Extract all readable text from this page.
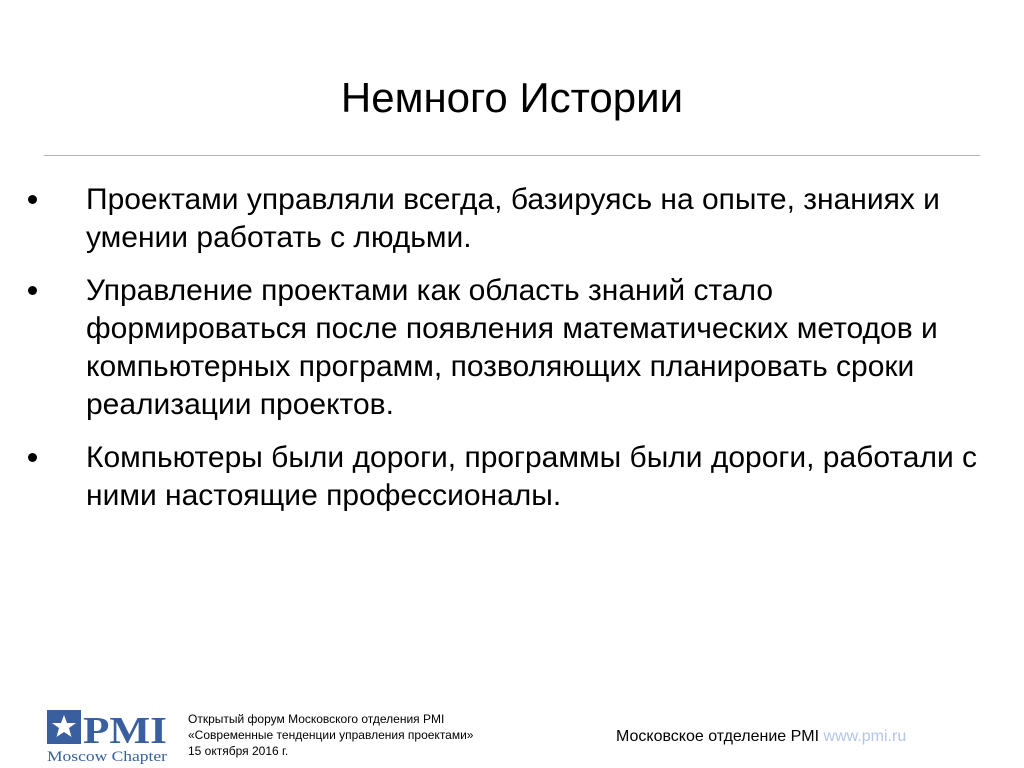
Немного Истории
Проектами управляли всегда, базируясь на опыте, знаниях и умении работать с людьми.
Управление проектами как область знаний стало формироваться после появления математических методов и компьютерных программ, позволяющих планировать сроки реализации проектов.
Компьютеры были дороги, программы были дороги, работали с ними настоящие профессионалы.
PMI
Moscow Chapter
Открытый форум Московского отделения PMI
«Современные тенденции управления проектами»
15 октября 2016 г.
Московское отделение PMI www.pmi.ru
